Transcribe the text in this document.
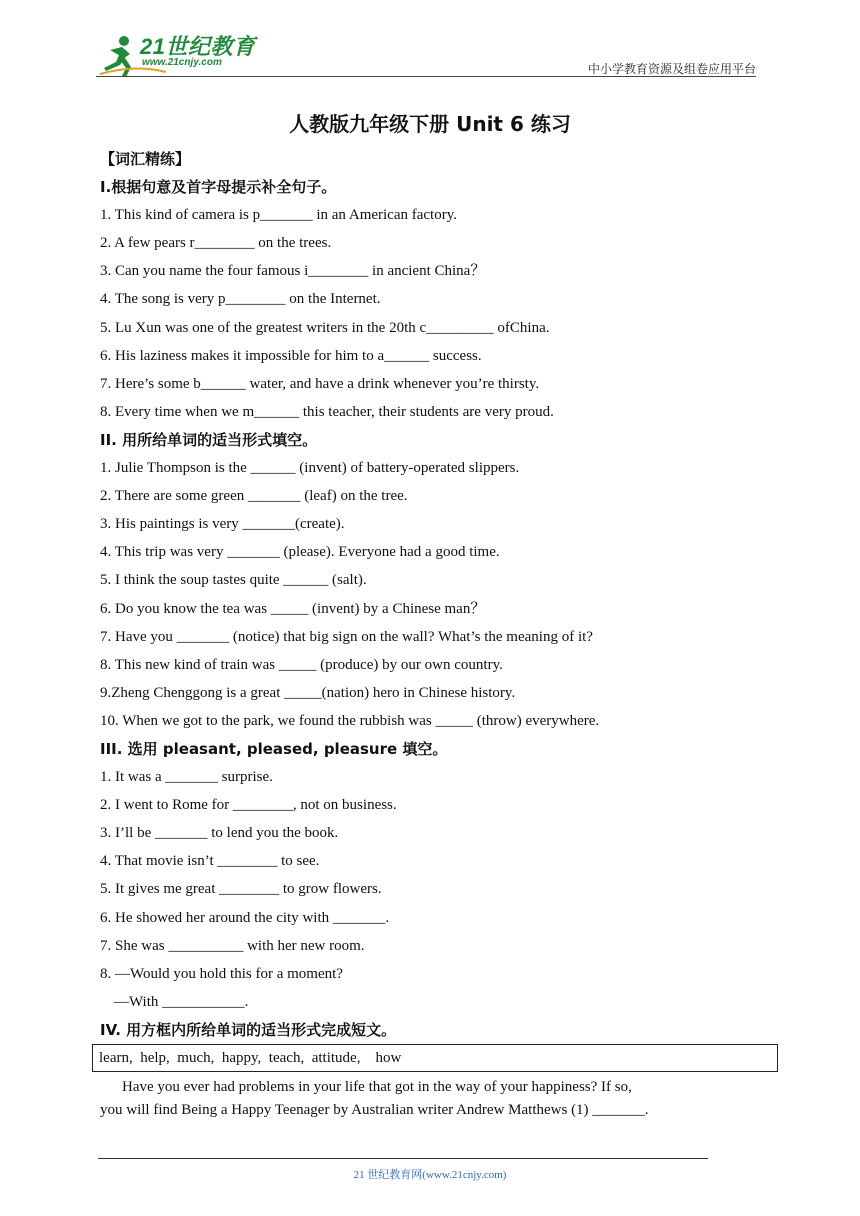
21世纪教育
www.21cnjy.com	中小学教育资源及组卷应用平台
人教版九年级下册 Unit 6 练习
【词汇精练】
I.根据句意及首字母提示补全句子。
1. This kind of camera is p_______ in an American factory.
2. A few pears r________ on the trees.
3. Can you name the four famous i________ in ancient China？
4. The song is very p________ on the Internet.
5. Lu Xun was one of the greatest writers in the 20th c_________ ofChina.
6. His laziness makes it impossible for him to a______ success.
7. Here’s some b______ water, and have a drink whenever you’re thirsty.
8. Every time when we m______ this teacher, their students are very proud.
II. 用所给单词的适当形式填空。
1. Julie Thompson is the ______ (invent) of battery-operated slippers.
2. There are some green _______ (leaf) on the tree.
3. His paintings is very _______(create).
4. This trip was very _______ (please). Everyone had a good time.
5. I think the soup tastes quite ______ (salt).
6. Do you know the tea was _____ (invent) by a Chinese man？
7. Have you _______ (notice) that big sign on the wall? What’s the meaning of it?
8. This new kind of train was _____ (produce) by our own country.
9.Zheng Chenggong is a great _____(nation) hero in Chinese history.
10. When we got to the park, we found the rubbish was _____ (throw) everywhere.
III. 选用 pleasant, pleased, pleasure 填空。
1. It was a _______ surprise.
2. I went to Rome for ________, not on business.
3. I’ll be _______ to lend you the book.
4. That movie isn’t ________ to see.
5. It gives me great ________ to grow flowers.
6. He showed her around the city with _______.
7. She was __________ with her new room.
8. —Would you hold this for a moment?
—With ___________.
IV. 用方框内所给单词的适当形式完成短文。
learn,  help,  much,  happy,  teach,  attitude,    how
Have you ever had problems in your life that got in the way of your happiness? If so,
you will find Being a Happy Teenager by Australian writer Andrew Matthews (1) _______.
21 世纪教育网(www.21cnjy.com)
